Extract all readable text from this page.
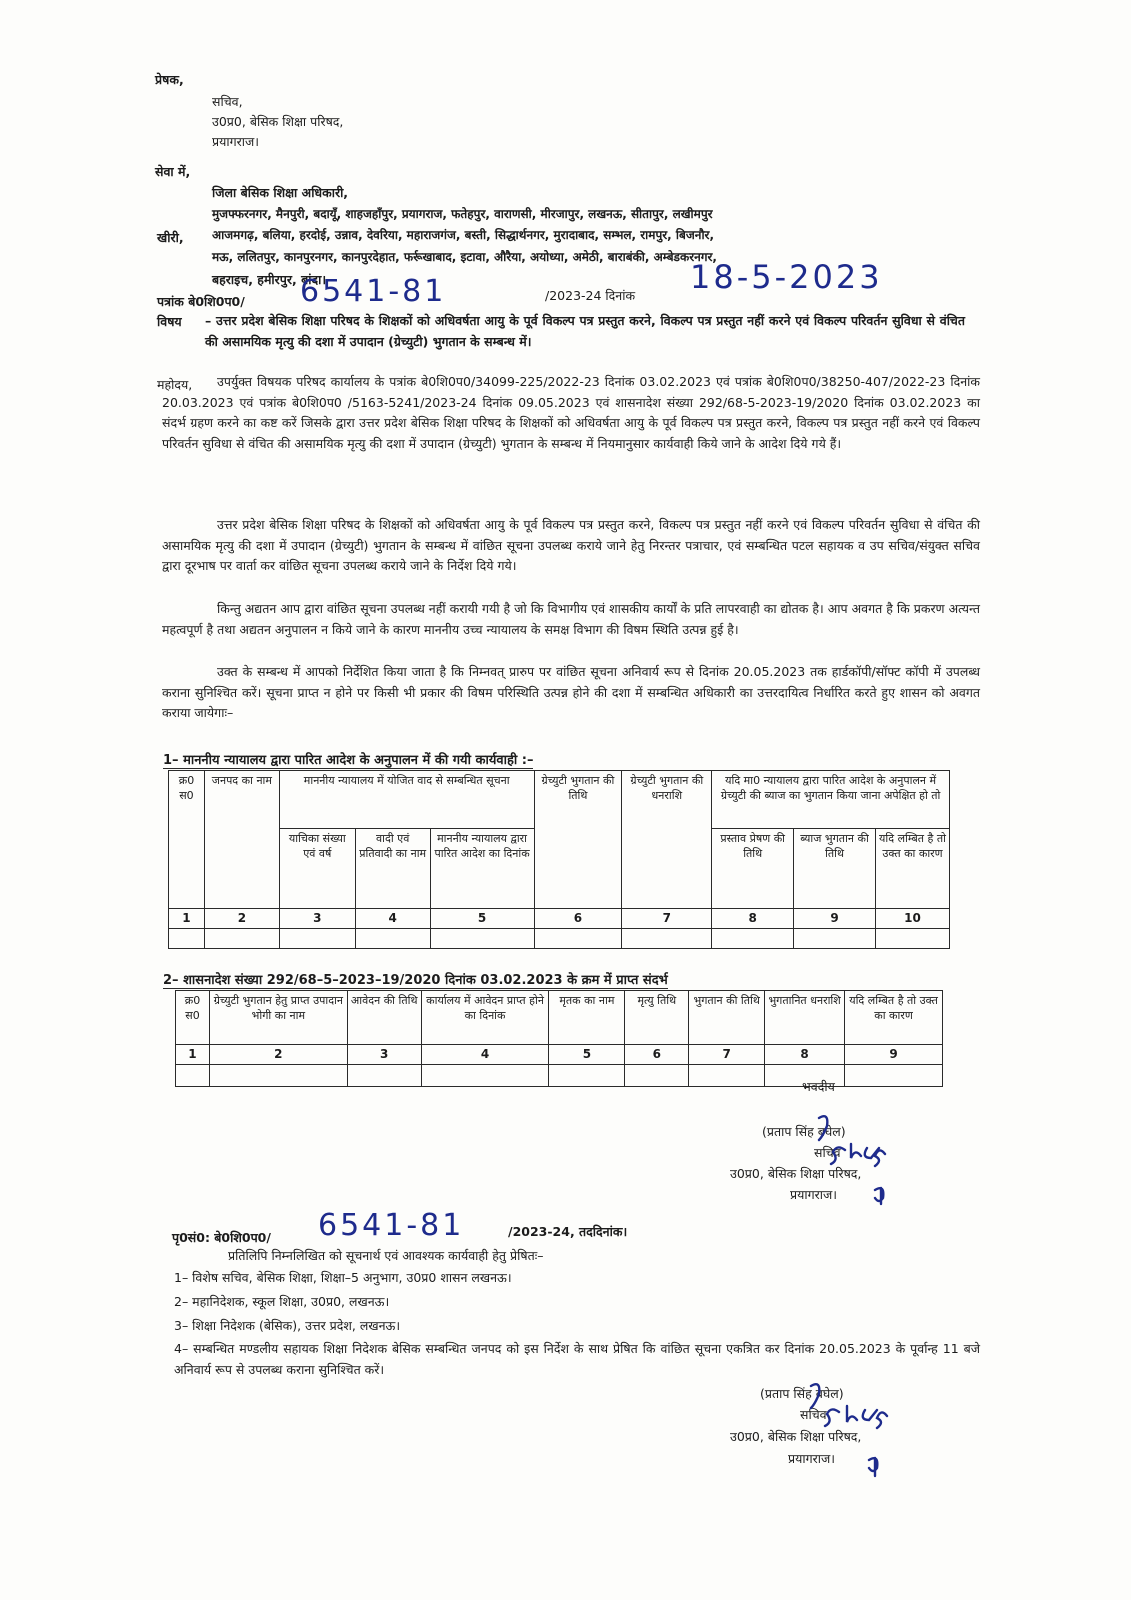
प्रेषक,
सचिव,
उ0प्र0, बेसिक शिक्षा परिषद,
प्रयागराज।
सेवा में,
जिला बेसिक शिक्षा अधिकारी,
मुजफ्फरनगर, मैनपुरी, बदायूँ, शाहजहाँपुर, प्रयागराज, फतेहपुर, वाराणसी, मीरजापुर, लखनऊ, सीतापुर, लखीमपुर
खीरी, आजमगढ़, बलिया, हरदोई, उन्नाव, देवरिया, महाराजगंज, बस्ती, सिद्धार्थनगर, मुरादाबाद, सम्भल, रामपुर, बिजनौर,
मऊ, ललितपुर, कानपुरनगर, कानपुरदेहात, फर्रूखाबाद, इटावा, औरैया, अयोध्या, अमेठी, बाराबंकी, अम्बेडकरनगर,
बहराइच, हमीरपुर, बांदा।
पत्रांक बे0शि0प0/ 6541-81	/2023-24 दिनांक 18-5-2023
विषय – उत्तर प्रदेश बेसिक शिक्षा परिषद के शिक्षकों को अधिवर्षता आयु के पूर्व विकल्प पत्र प्रस्तुत करने, विकल्प पत्र प्रस्तुत नहीं करने एवं विकल्प परिवर्तन सुविधा से वंचित की असामयिक मृत्यु की दशा में उपादान (ग्रेच्युटी) भुगतान के सम्बन्ध में।
महोदय,	उपर्युक्त विषयक परिषद कार्यालय के पत्रांक बे0शि0प0/34099-225/2022-23 दिनांक 03.02.2023 एवं पत्रांक बे0शि0प0/38250-407/2022-23 दिनांक 20.03.2023 एवं पत्रांक बे0शि0प0 /5163-5241/2023-24 दिनांक 09.05.2023 एवं शासनादेश संख्या 292/68-5-2023-19/2020 दिनांक 03.02.2023 का संदर्भ ग्रहण करने का कष्ट करें जिसके द्वारा उत्तर प्रदेश बेसिक शिक्षा परिषद के शिक्षकों को अधिवर्षता आयु के पूर्व विकल्प पत्र प्रस्तुत करने, विकल्प पत्र प्रस्तुत नहीं करने एवं विकल्प परिवर्तन सुविधा से वंचित की असामयिक मृत्यु की दशा में उपादान (ग्रेच्युटी) भुगतान के सम्बन्ध में नियमानुसार कार्यवाही किये जाने के आदेश दिये गये हैं।
उत्तर प्रदेश बेसिक शिक्षा परिषद के शिक्षकों को अधिवर्षता आयु के पूर्व विकल्प पत्र प्रस्तुत करने, विकल्प पत्र प्रस्तुत नहीं करने एवं विकल्प परिवर्तन सुविधा से वंचित की असामयिक मृत्यु की दशा में उपादान (ग्रेच्युटी) भुगतान के सम्बन्ध में वांछित सूचना उपलब्ध कराये जाने हेतु निरन्तर पत्राचार, एवं सम्बन्धित पटल सहायक व उप सचिव/संयुक्त सचिव द्वारा दूरभाष पर वार्ता कर वांछित सूचना उपलब्ध कराये जाने के निर्देश दिये गये।
किन्तु अद्यतन आप द्वारा वांछित सूचना उपलब्ध नहीं करायी गयी है जो कि विभागीय एवं शासकीय कार्यों के प्रति लापरवाही का द्योतक है। आप अवगत है कि प्रकरण अत्यन्त महत्वपूर्ण है तथा अद्यतन अनुपालन न किये जाने के कारण माननीय उच्च न्यायालय के समक्ष विभाग की विषम स्थिति उत्पन्न हुई है।
उक्त के सम्बन्ध में आपको निर्देशित किया जाता है कि निम्नवत् प्रारुप पर वांछित सूचना अनिवार्य रूप से दिनांक 20.05.2023 तक हार्डकॉपी/सॉफ्ट कॉपी में उपलब्ध कराना सुनिश्चित करें। सूचना प्राप्त न होने पर किसी भी प्रकार की विषम परिस्थिति उत्पन्न होने की दशा में सम्बन्धित अधिकारी का उत्तरदायित्व निर्धारित करते हुए शासन को अवगत कराया जायेगाः–
1– माननीय न्यायालय द्वारा पारित आदेश के अनुपालन में की गयी कार्यवाही :–
क्र0 स0	जनपद का नाम	माननीय न्यायालय में योजित वाद से सम्बन्धित सूचना			ग्रेच्युटी भुगतान की तिथि	ग्रेच्युटी भुगतान की धनराशि	यदि मा0 न्यायालय द्वारा पारित आदेश के अनुपालन में ग्रेच्युटी की ब्याज का भुगतान किया जाना अपेक्षित हो तो		
		याचिका संख्या एवं वर्ष	वादी एवं प्रतिवादी का नाम	माननीय न्यायालय द्वारा पारित आदेश का दिनांक			प्रस्ताव प्रेषण की तिथि	ब्याज भुगतान की तिथि	यदि लम्बित है तो उक्त का कारण
1	2	3	4	5	6	7	8	9	10

2– शासनादेश संख्या 292/68–5–2023–19/2020 दिनांक 03.02.2023 के क्रम में प्राप्त संदर्भ
क्र0 स0	ग्रेच्युटी भुगतान हेतु प्राप्त उपादान भोगी का नाम	आवेदन की तिथि	कार्यालय में आवेदन प्राप्त होने का दिनांक	मृतक का नाम	मृत्यु तिथि	भुगतान की तिथि	भुगतानित धनराशि	यदि लम्बित है तो उक्त का कारण
1	2	3	4	5	6	7	8	9

भवदीय
(प्रताप सिंह बघेल)
सचिव
उ0प्र0, बेसिक शिक्षा परिषद,
प्रयागराज।
पृ0सं0: बे0शि0प0/ 6541-81	/2023-24, तददिनांक।
प्रतिलिपि निम्नलिखित को सूचनार्थ एवं आवश्यक कार्यवाही हेतु प्रेषितः–
1– विशेष सचिव, बेसिक शिक्षा, शिक्षा–5 अनुभाग, उ0प्र0 शासन लखनऊ।
2– महानिदेशक, स्कूल शिक्षा, उ0प्र0, लखनऊ।
3– शिक्षा निदेशक (बेसिक), उत्तर प्रदेश, लखनऊ।
4– सम्बन्धित मण्डलीय सहायक शिक्षा निदेशक बेसिक सम्बन्धित जनपद को इस निर्देश के साथ प्रेषित कि वांछित सूचना एकत्रित कर दिनांक 20.05.2023 के पूर्वान्ह 11 बजे अनिवार्य रूप से उपलब्ध कराना सुनिश्चित करें।
(प्रताप सिंह बघेल)
सचिव
उ0प्र0, बेसिक शिक्षा परिषद,
प्रयागराज।
